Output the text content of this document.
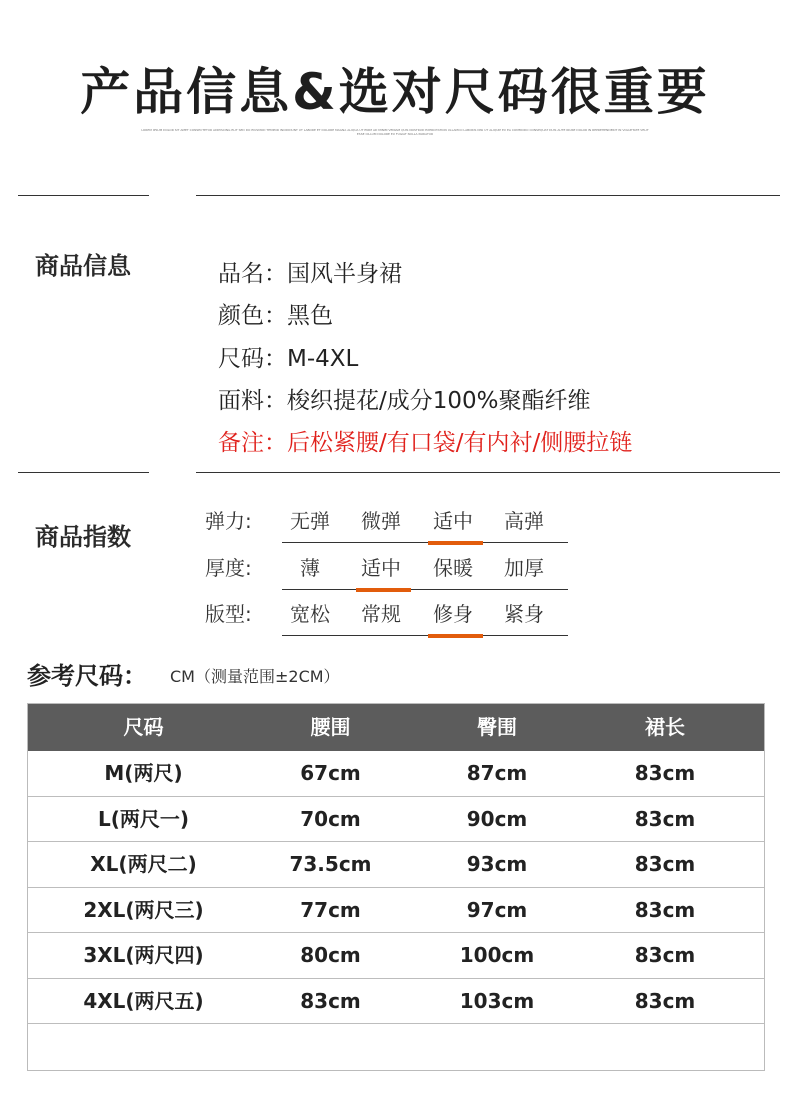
产品信息&选对尺码很重要
LOREM IPSUM DOLOR SIT AMET CONSECTETUR ADIPISCING ELIT SED DO EIUSMOD TEMPOR INCIDIDUNT UT LABORE ET DOLORE MAGNA ALIQUA UT ENIM AD MINIM VENIAM QUIS NOSTRUD EXERCITATION ULLAMCO LABORIS NISI UT ALIQUIP EX EA COMMODO CONSEQUAT DUIS AUTE IRURE DOLOR IN REPREHENDERIT IN VOLUPTATE VELIT ESSE CILLUM DOLORE EU FUGIAT NULLA PARIATUR
商品信息	品名：国风半身裙
颜色：黑色
尺码：M-4XL
面料：梭织提花/成分100%聚酯纤维
备注：后松紧腰/有口袋/有内衬/侧腰拉链
商品指数
弹力:	无弹	微弹	适中	高弹
厚度:	薄	适中	保暖	加厚
版型:	宽松	常规	修身	紧身
参考尺码： CM（测量范围±2CM）
尺码	腰围	臀围	裙长
M(两尺)	67cm	87cm	83cm
L(两尺一)	70cm	90cm	83cm
XL(两尺二)	73.5cm	93cm	83cm
2XL(两尺三)	77cm	97cm	83cm
3XL(两尺四)	80cm	100cm	83cm
4XL(两尺五)	83cm	103cm	83cm
